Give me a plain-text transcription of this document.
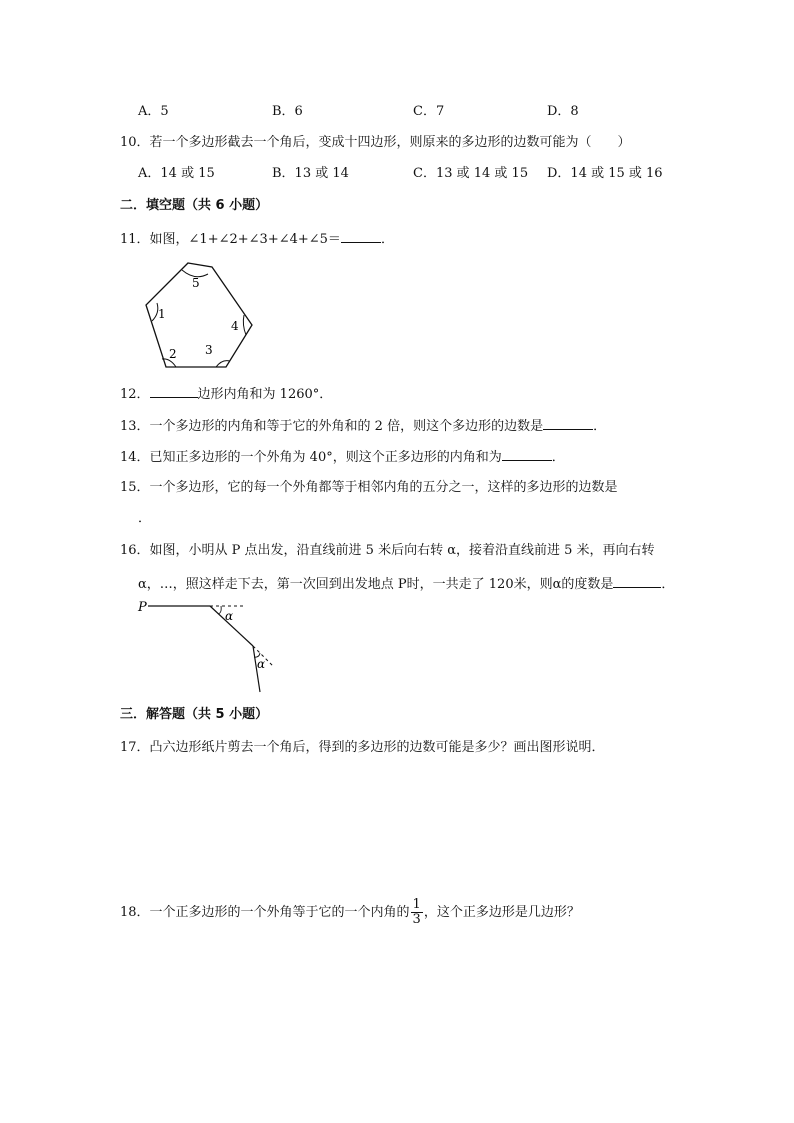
A．5	B．6	C．7	D．8
10．若一个多边形截去一个角后，变成十四边形，则原来的多边形的边数可能为（　　）
A．14 或 15	B．13 或 14	C．13 或 14 或 15 D．14 或 15 或 16
二．填空题（共 6 小题）
11．如图，∠1+∠2+∠3+∠4+∠5＝	．
5
1
4
2 3
12．	边形内角和为 1260°．
13．一个多边形的内角和等于它的外角和的 2 倍，则这个多边形的边数是	．
14．已知正多边形的一个外角为 40°，则这个正多边形的内角和为	．
15．一个多边形，它的每一个外角都等于相邻内角的五分之一，这样的多边形的边数是
．
16．如图，小明从 P 点出发，沿直线前进 5 米后向右转 α，接着沿直线前进 5 米，再向右转
α，…，照这样走下去，第一次回到出发地点 P时，一共走了 120米，则α的度数是	．
P
α
α
三．解答题（共 5 小题）
17．凸六边形纸片剪去一个角后，得到的多边形的边数可能是多少？画出图形说明．
18．一个正多边形的一个外角等于它的一个内角的 $\frac{1}{3}$ ，这个正多边形是几边形？
